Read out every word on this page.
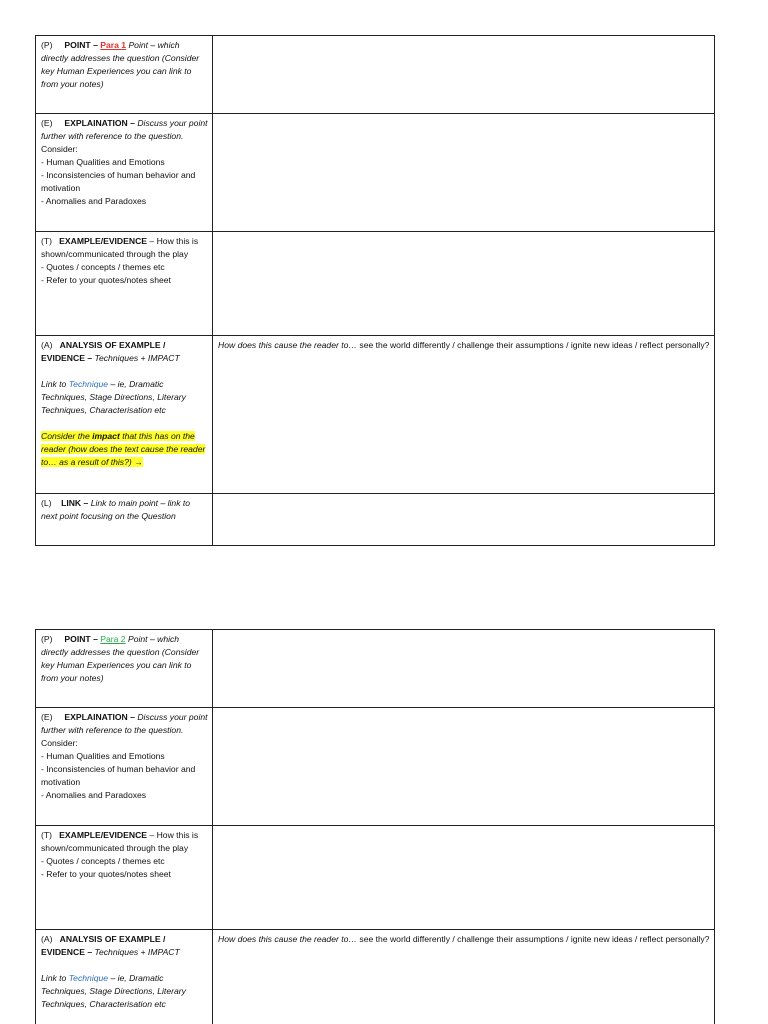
(P) POINT – Para 1 Point – which directly addresses the question (Consider key Human Experiences you can link to from your notes)	
(E) EXPLAINATION – Discuss your point further with reference to the question. Consider:
- Human Qualities and Emotions
- Inconsistencies of human behavior and motivation
- Anomalies and Paradoxes	

(T) EXAMPLE/EVIDENCE – How this is shown/communicated through the play
- Quotes / concepts / themes etc
- Refer to your quotes/notes sheet	

(A) ANALYSIS OF EXAMPLE / EVIDENCE – Techniques + IMPACT
Link to Technique – ie, Dramatic Techniques, Stage Directions, Literary Techniques, Characterisation etc
Consider the impact that this has on the reader (how does the text cause the reader to… as a result of this?) →	How does this cause the reader to… see the world differently / challenge their assumptions / ignite new ideas / reflect personally?
(L) LINK – Link to main point – link to next point focusing on the Question	
(P) POINT – Para 2 Point – which directly addresses the question (Consider key Human Experiences you can link to from your notes)	
(E) EXPLAINATION – Discuss your point further with reference to the question. Consider:
- Human Qualities and Emotions
- Inconsistencies of human behavior and motivation
- Anomalies and Paradoxes	

(T) EXAMPLE/EVIDENCE – How this is shown/communicated through the play
- Quotes / concepts / themes etc
- Refer to your quotes/notes sheet	

(A) ANALYSIS OF EXAMPLE / EVIDENCE – Techniques + IMPACT
Link to Technique – ie, Dramatic Techniques, Stage Directions, Literary Techniques, Characterisation etc	How does this cause the reader to… see the world differently / challenge their assumptions / ignite new ideas / reflect personally?
